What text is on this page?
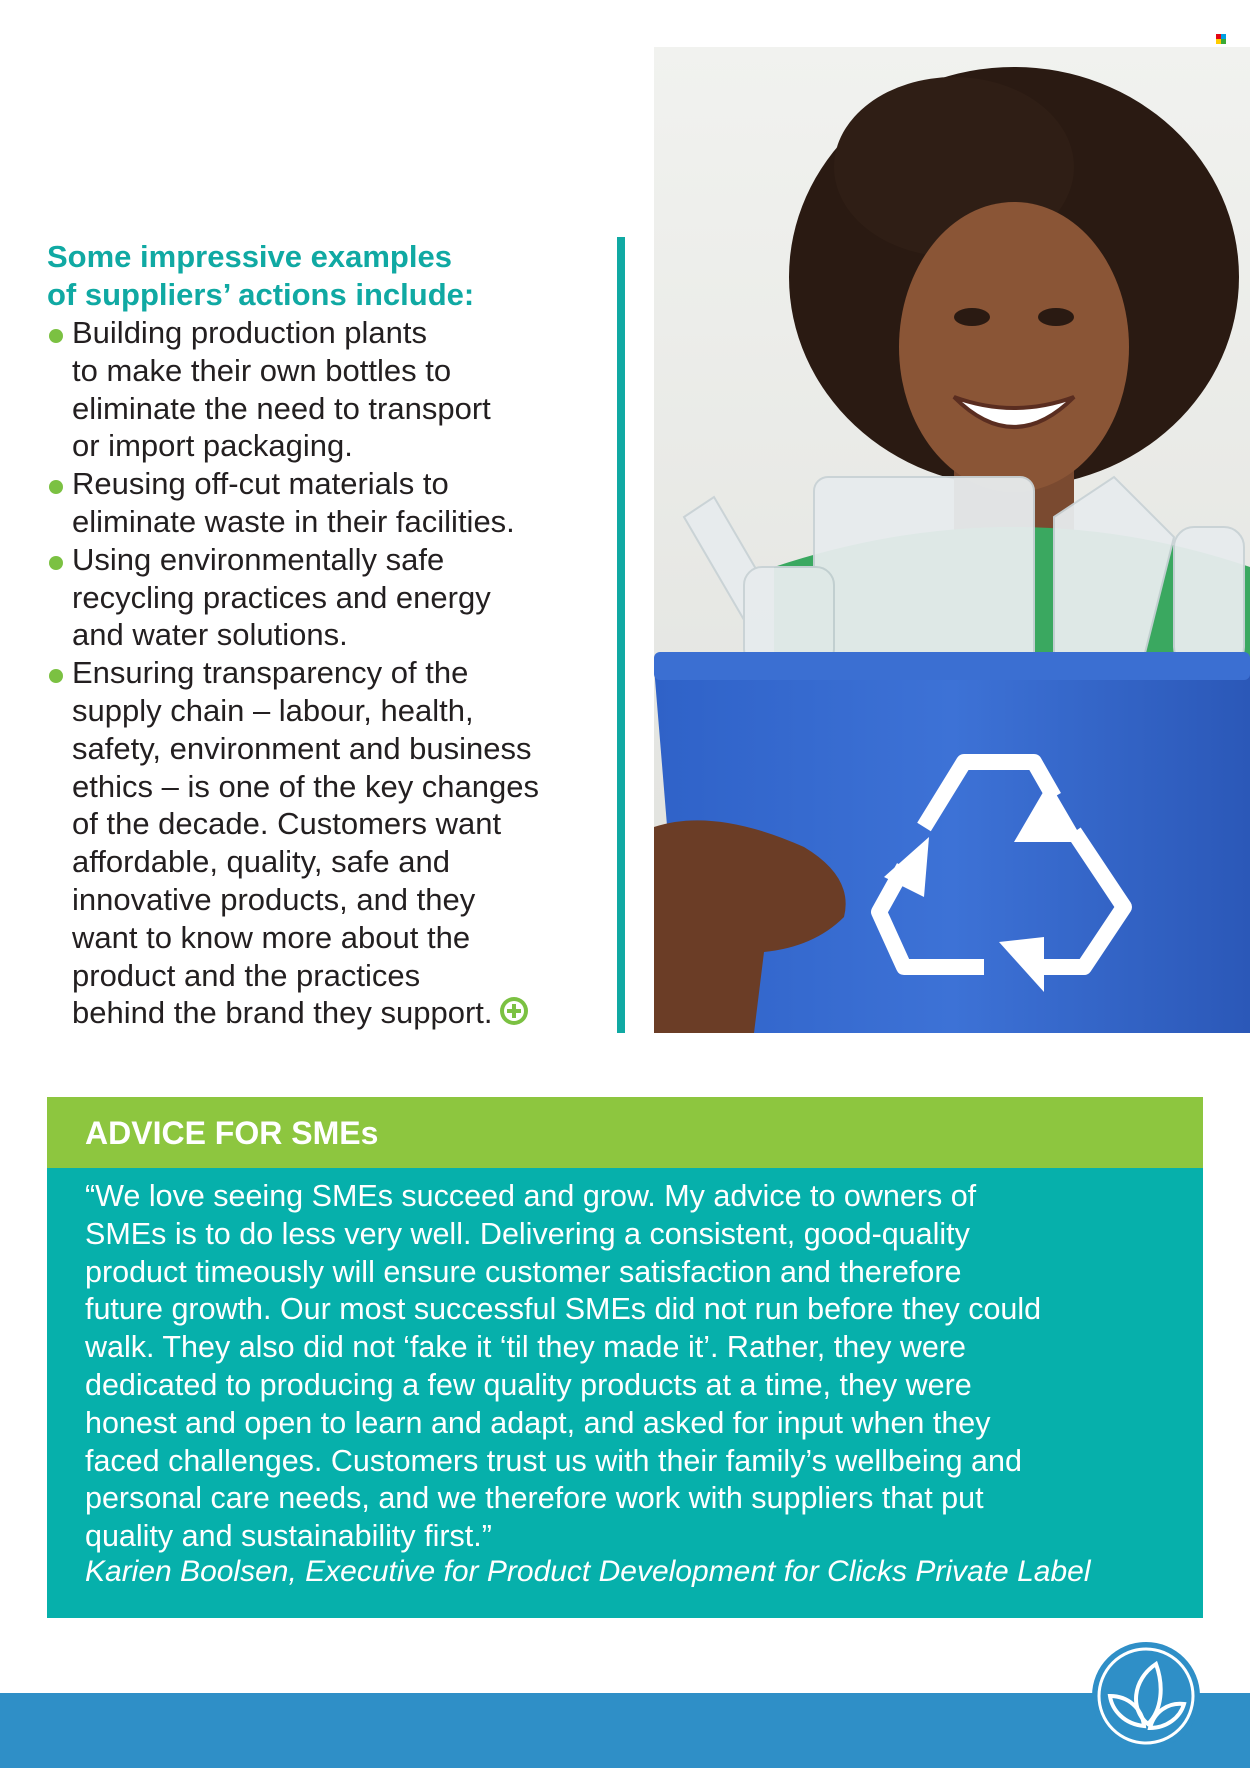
Some impressive examples
of suppliers’ actions include:
Building production plants
to make their own bottles to
eliminate the need to transport
or import packaging.
Reusing off-cut materials to
eliminate waste in their facilities.
Using environmentally safe
recycling practices and energy
and water solutions.
Ensuring transparency of the
supply chain – labour, health,
safety, environment and business
ethics – is one of the key changes
of the decade. Customers want
affordable, quality, safe and
innovative products, and they
want to know more about the
product and the practices
behind the brand they support.
ADVICE FOR SMEs

“We love seeing SMEs succeed and grow. My advice to owners of
SMEs is to do less very well. Delivering a consistent, good-quality
product timeously will ensure customer satisfaction and therefore
future growth. Our most successful SMEs did not run before they could
walk. They also did not ‘fake it ‘til they made it’. Rather, they were
dedicated to producing a few quality products at a time, they were
honest and open to learn and adapt, and asked for input when they
faced challenges. Customers trust us with their family’s wellbeing and
personal care needs, and we therefore work with suppliers that put
quality and sustainability first.”

Karien Boolsen, Executive for Product Development for Clicks Private Label
